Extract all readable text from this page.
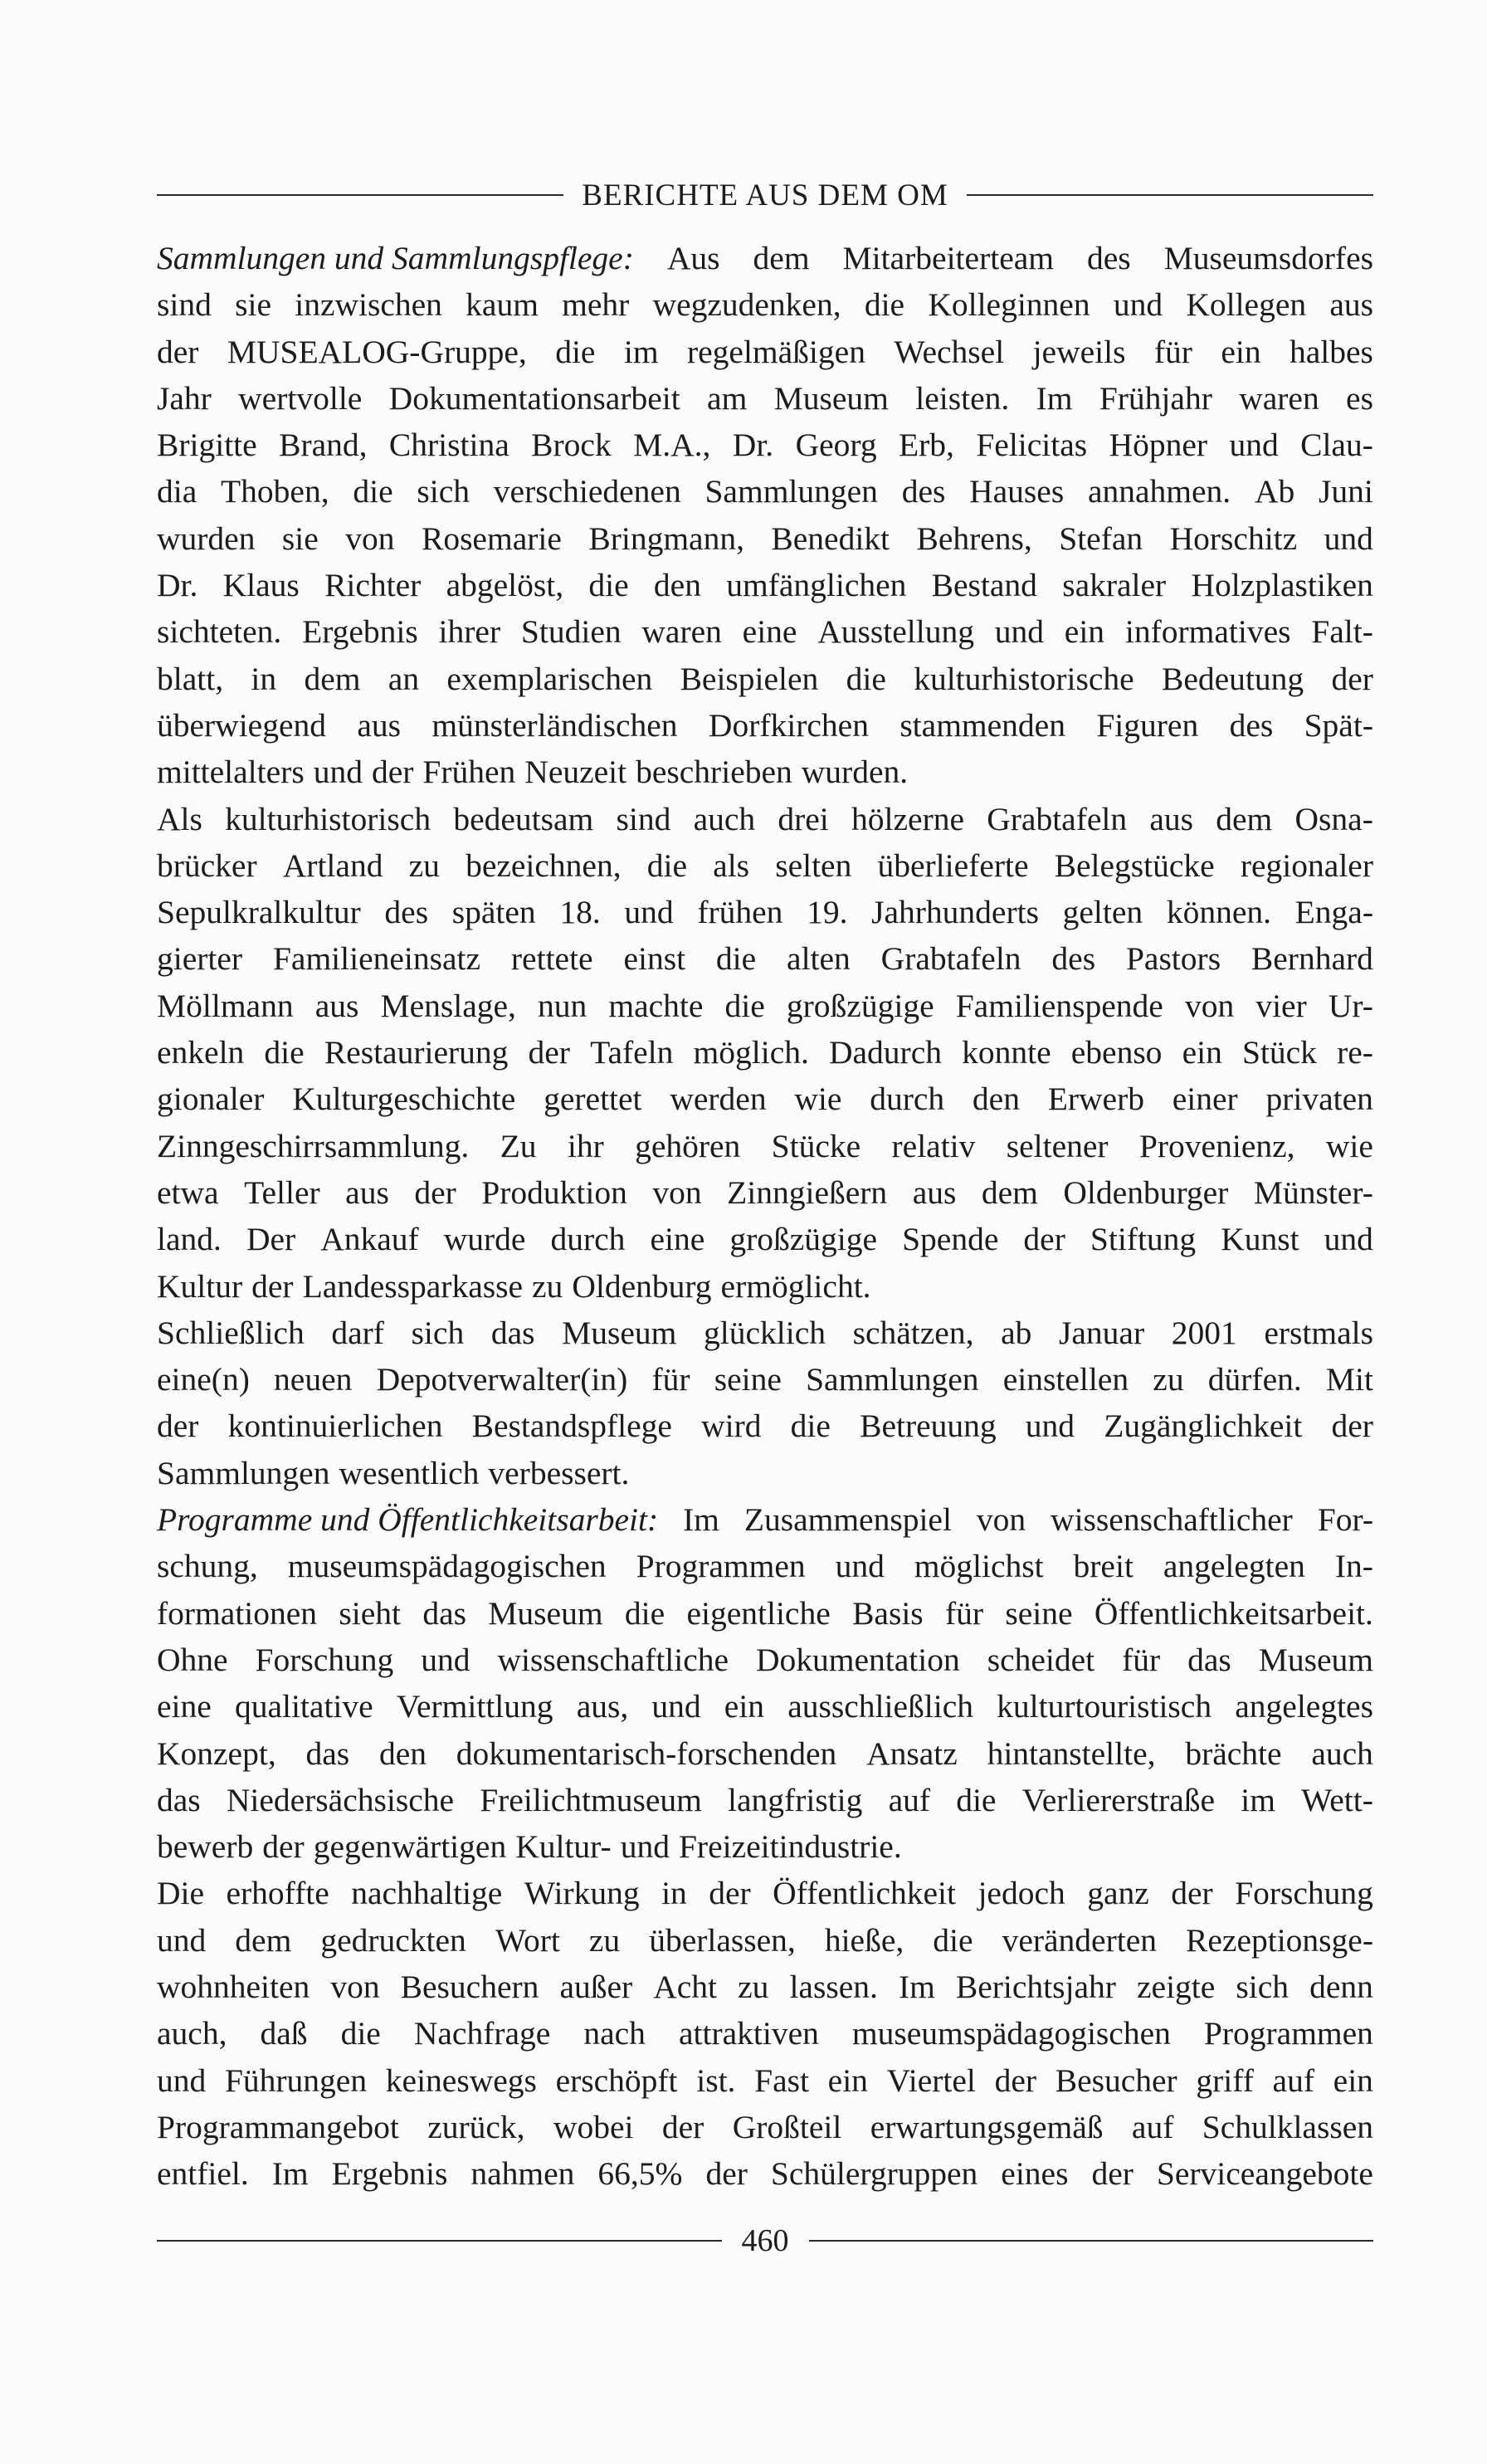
BERICHTE AUS DEM OM
Sammlungen und Sammlungspflege: Aus dem Mitarbeiterteam des Museumsdorfes
sind sie inzwischen kaum mehr wegzudenken, die Kolleginnen und Kollegen aus
der MUSEALOG-Gruppe, die im regelmäßigen Wechsel jeweils für ein halbes
Jahr wertvolle Dokumentationsarbeit am Museum leisten. Im Frühjahr waren es
Brigitte Brand, Christina Brock M.A., Dr. Georg Erb, Felicitas Höpner und Clau-
dia Thoben, die sich verschiedenen Sammlungen des Hauses annahmen. Ab Juni
wurden sie von Rosemarie Bringmann, Benedikt Behrens, Stefan Horschitz und
Dr. Klaus Richter abgelöst, die den umfänglichen Bestand sakraler Holzplastiken
sichteten. Ergebnis ihrer Studien waren eine Ausstellung und ein informatives Falt-
blatt, in dem an exemplarischen Beispielen die kulturhistorische Bedeutung der
überwiegend aus münsterländischen Dorfkirchen stammenden Figuren des Spät-
mittelalters und der Frühen Neuzeit beschrieben wurden.
Als kulturhistorisch bedeutsam sind auch drei hölzerne Grabtafeln aus dem Osna-
brücker Artland zu bezeichnen, die als selten überlieferte Belegstücke regionaler
Sepulkralkultur des späten 18. und frühen 19. Jahrhunderts gelten können. Enga-
gierter Familieneinsatz rettete einst die alten Grabtafeln des Pastors Bernhard
Möllmann aus Menslage, nun machte die großzügige Familienspende von vier Ur-
enkeln die Restaurierung der Tafeln möglich. Dadurch konnte ebenso ein Stück re-
gionaler Kulturgeschichte gerettet werden wie durch den Erwerb einer privaten
Zinngeschirrsammlung. Zu ihr gehören Stücke relativ seltener Provenienz, wie
etwa Teller aus der Produktion von Zinngießern aus dem Oldenburger Münster-
land. Der Ankauf wurde durch eine großzügige Spende der Stiftung Kunst und
Kultur der Landessparkasse zu Oldenburg ermöglicht.
Schließlich darf sich das Museum glücklich schätzen, ab Januar 2001 erstmals
eine(n) neuen Depotverwalter(in) für seine Sammlungen einstellen zu dürfen. Mit
der kontinuierlichen Bestandspflege wird die Betreuung und Zugänglichkeit der
Sammlungen wesentlich verbessert.
Programme und Öffentlichkeitsarbeit: Im Zusammenspiel von wissenschaftlicher For-
schung, museumspädagogischen Programmen und möglichst breit angelegten In-
formationen sieht das Museum die eigentliche Basis für seine Öffentlichkeitsarbeit.
Ohne Forschung und wissenschaftliche Dokumentation scheidet für das Museum
eine qualitative Vermittlung aus, und ein ausschließlich kulturtouristisch angelegtes
Konzept, das den dokumentarisch-forschenden Ansatz hintanstellte, brächte auch
das Niedersächsische Freilichtmuseum langfristig auf die Verliererstraße im Wett-
bewerb der gegenwärtigen Kultur- und Freizeitindustrie.
Die erhoffte nachhaltige Wirkung in der Öffentlichkeit jedoch ganz der Forschung
und dem gedruckten Wort zu überlassen, hieße, die veränderten Rezeptionsge-
wohnheiten von Besuchern außer Acht zu lassen. Im Berichtsjahr zeigte sich denn
auch, daß die Nachfrage nach attraktiven museumspädagogischen Programmen
und Führungen keineswegs erschöpft ist. Fast ein Viertel der Besucher griff auf ein
Programmangebot zurück, wobei der Großteil erwartungsgemäß auf Schulklassen
entfiel. Im Ergebnis nahmen 66,5% der Schülergruppen eines der Serviceangebote
460
